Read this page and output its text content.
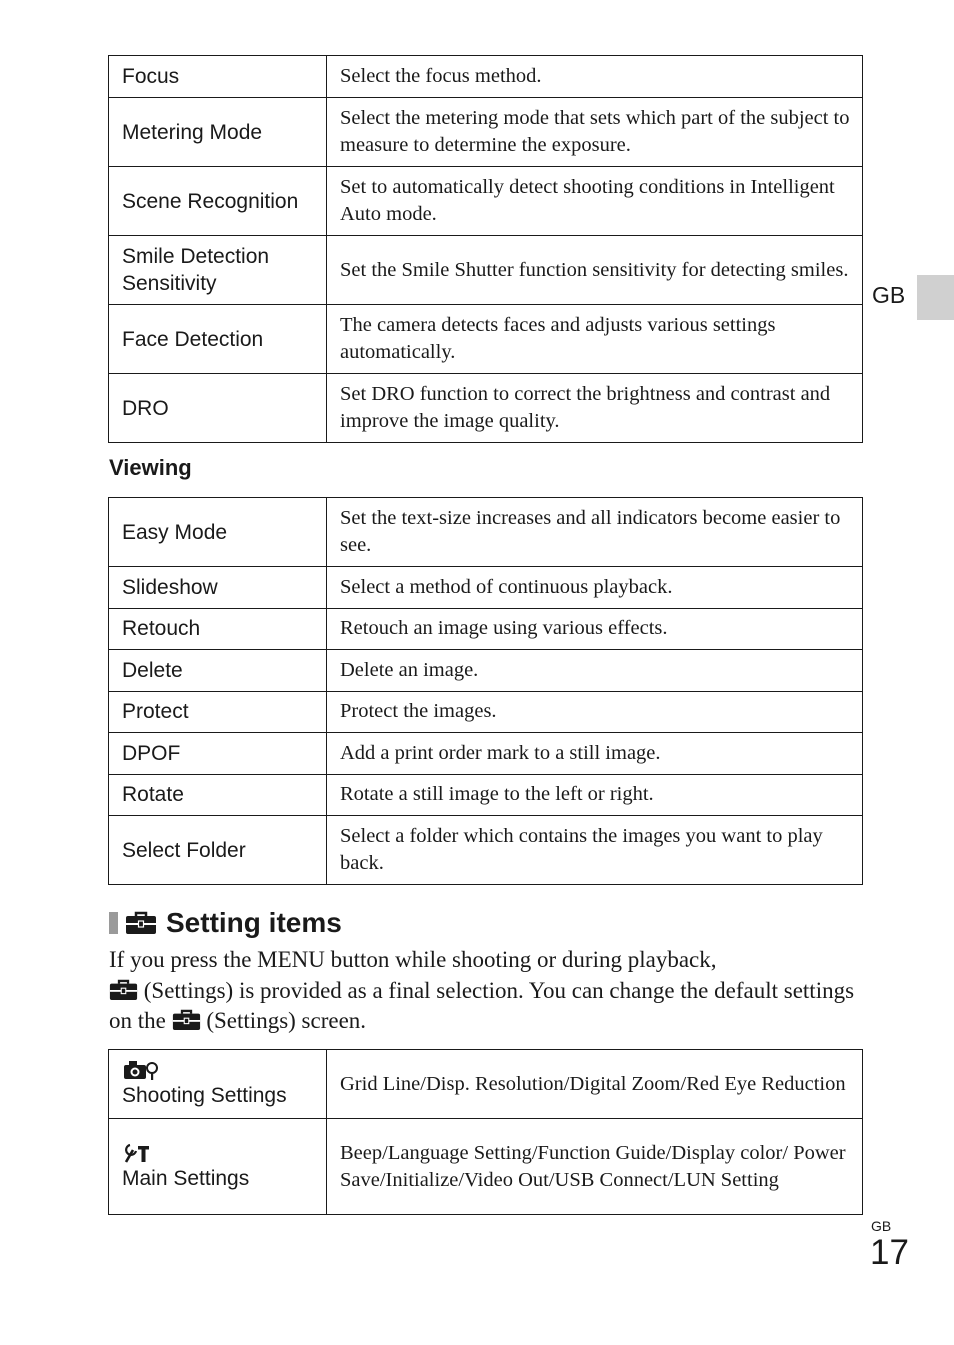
GB
Focus	Select the focus method.
Metering Mode	Select the metering mode that sets which part of the subject to measure to determine the exposure.
Scene Recognition	Set to automatically detect shooting conditions in Intelligent Auto mode.
Smile Detection Sensitivity	Set the Smile Shutter function sensitivity for detecting smiles.
Face Detection	The camera detects faces and adjusts various settings automatically.
DRO	Set DRO function to correct the brightness and contrast and improve the image quality.
Viewing
Easy Mode	Set the text-size increases and all indicators become easier to see.
Slideshow	Select a method of continuous playback.
Retouch	Retouch an image using various effects.
Delete	Delete an image.
Protect	Protect the images.
DPOF	Add a print order mark to a still image.
Rotate	Rotate a still image to the left or right.
Select Folder	Select a folder which contains the images you want to play back.
Setting items
If you press the MENU button while shooting or during playback,
(Settings) is provided as a final selection. You can change the default settings on the (Settings) screen.
Shooting Settings	Grid Line/Disp. Resolution/Digital Zoom/Red Eye Reduction

Main Settings	Beep/Language Setting/Function Guide/Display color/ Power Save/Initialize/Video Out/USB Connect/LUN Setting
GB
17
